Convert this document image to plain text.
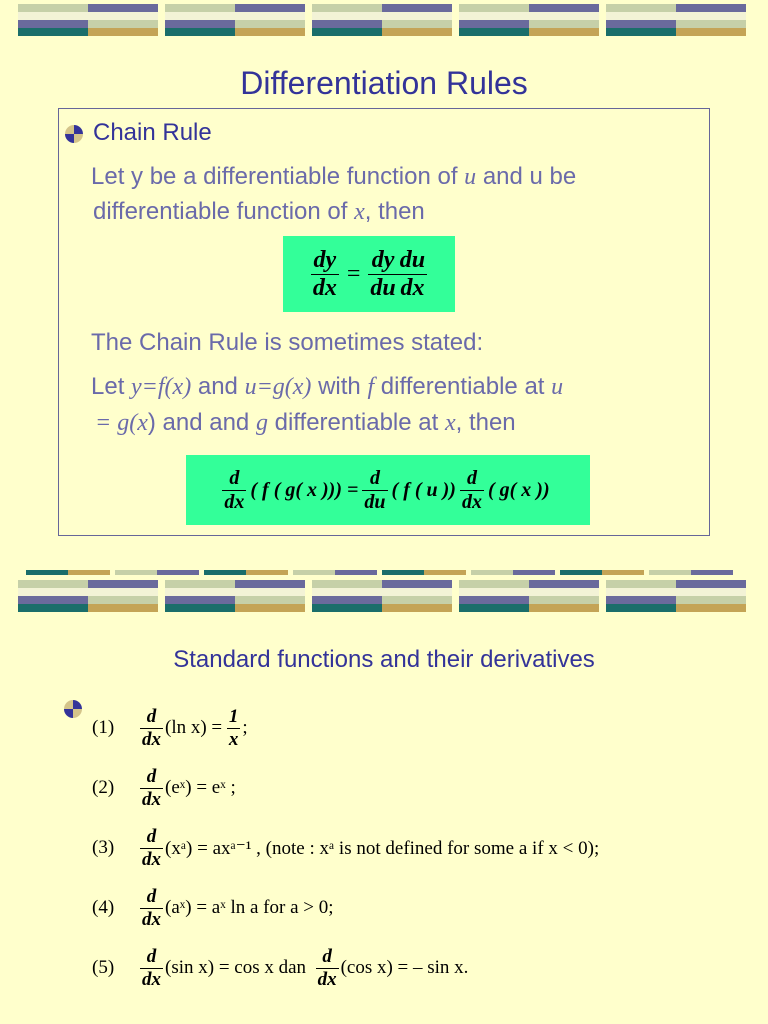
Differentiation Rules
Chain Rule
Let y be a differentiable function of u and u be
differentiable function of x, then
$\frac{dy}{dx} = \frac{dy}{du} \frac{du}{dx}$
The Chain Rule is sometimes stated:
Let y=f(x) and u=g(x) with f differentiable at u
= g(x) and and g differentiable at x, then
$\frac{d}{dx}$ ( f ( g( x ))) = $\frac{d}{du}$ ( f ( u )) $\frac{d}{dx}$ ( g( x ))
Standard functions and their derivatives
(1)	$\frac{d}{dx} (\ln$ x) =
$\frac{1}{x}$ ;
(2)	$\frac{d}{dx}$ (eˣ) = eˣ ;
(3)	$\frac{d}{dx}$ (xᵃ) = axᵃ⁻¹ , (note : xᵃ is not defined for some a if x < 0);
(4)	$\frac{d}{dx}$ (aˣ) = aˣ ln a for a > 0;
(5)	$\frac{d}{dx} (\sin$ x) = cos x dan
$\frac{d}{dx} (\cos$ x) = – sin x.
